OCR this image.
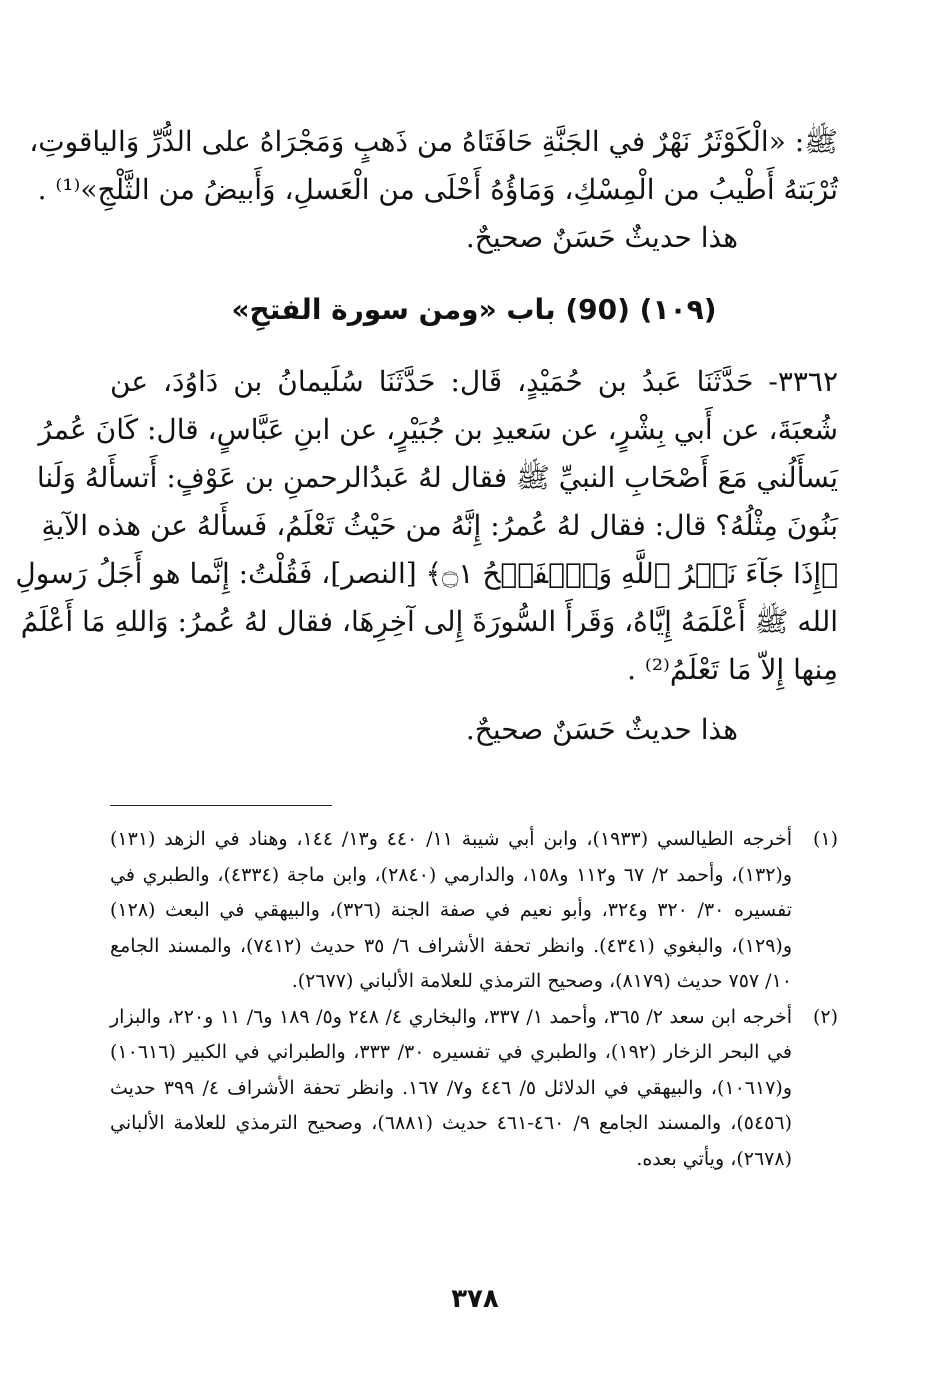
ﷺ: «الْكَوْثَرُ نَهْرٌ في الجَنَّةِ حَافَتَاهُ من ذَهبٍ وَمَجْرَاهُ على الدُّرِّ وَالياقوتِ،
تُرْبَتهُ أَطْيبُ من الْمِسْكِ، وَمَاؤُهُ أَحْلَى من الْعَسلِ، وَأَبيضُ من الثَّلْجِ»⁽¹⁾ .
هذا حديثٌ حَسَنٌ صحيحٌ.
(١٠٩) (90) باب «ومن سورة الفتحِ»
٣٣٦٢- حَدَّثَنَا عَبدُ بن حُمَيْدٍ، قَال: حَدَّثَنَا سُلَيمانُ بن دَاوُدَ، عن
شُعبَةَ، عن أَبي بِشْرٍ، عن سَعيدِ بن جُبَيْرٍ، عن ابنِ عَبَّاسٍ، قال: كَانَ عُمرُ
يَسأَلُني مَعَ أَصْحَابِ النبيِّ ﷺ فقال لهُ عَبدُالرحمنِ بن عَوْفٍ: أَتسأَلهُ وَلَنا
بَنُونَ مِثْلُهُ؟ قال: فقال لهُ عُمرُ: إِنَّهُ من حَيْثُ تَعْلَمُ، فَسأَلهُ عن هذه الآيةِ
﴿إِذَا جَآءَ نَصۡرُ ٱللَّهِ وَٱلۡفَتۡحُ ۝١﴾ [النصر]، فَقُلْتُ: إِنَّما هو أَجَلُ رَسولِ
الله ﷺ أَعْلَمَهُ إِيَّاهُ، وَقَرأَ السُّورَةَ إِلى آخِرِهَا، فقال لهُ عُمرُ: وَاللهِ مَا أَعْلَمُ
مِنها إِلاّ مَا تَعْلَمُ⁽²⁾ .
هذا حديثٌ حَسَنٌ صحيحٌ.
(١)
أخرجه الطيالسي (١٩٣٣)، وابن أبي شيبة ١١/ ٤٤٠ و١٣/ ١٤٤، وهناد في الزهد (١٣١) و(١٣٢)، وأحمد ٢/ ٦٧ و١١٢ و١٥٨، والدارمي (٢٨٤٠)، وابن ماجة (٤٣٣٤)، والطبري في تفسيره ٣٠/ ٣٢٠ و٣٢٤، وأبو نعيم في صفة الجنة (٣٢٦)، والبيهقي في البعث (١٢٨) و(١٢٩)، والبغوي (٤٣٤١). وانظر تحفة الأشراف ٦/ ٣٥ حديث (٧٤١٢)، والمسند الجامع ١٠/ ٧٥٧ حديث (٨١٧٩)، وصحيح الترمذي للعلامة الألباني (٢٦٧٧).
(٢)
أخرجه ابن سعد ٢/ ٣٦٥، وأحمد ١/ ٣٣٧، والبخاري ٤/ ٢٤٨ و٥/ ١٨٩ و٦/ ١١ و٢٢٠، والبزار في البحر الزخار (١٩٢)، والطبري في تفسيره ٣٠/ ٣٣٣، والطبراني في الكبير (١٠٦١٦) و(١٠٦١٧)، والبيهقي في الدلائل ٥/ ٤٤٦ و٧/ ١٦٧. وانظر تحفة الأشراف ٤/ ٣٩٩ حديث (٥٤٥٦)، والمسند الجامع ٩/ ٤٦٠-٤٦١ حديث (٦٨٨١)، وصحيح الترمذي للعلامة الألباني (٢٦٧٨)، ويأتي بعده.
٣٧٨
